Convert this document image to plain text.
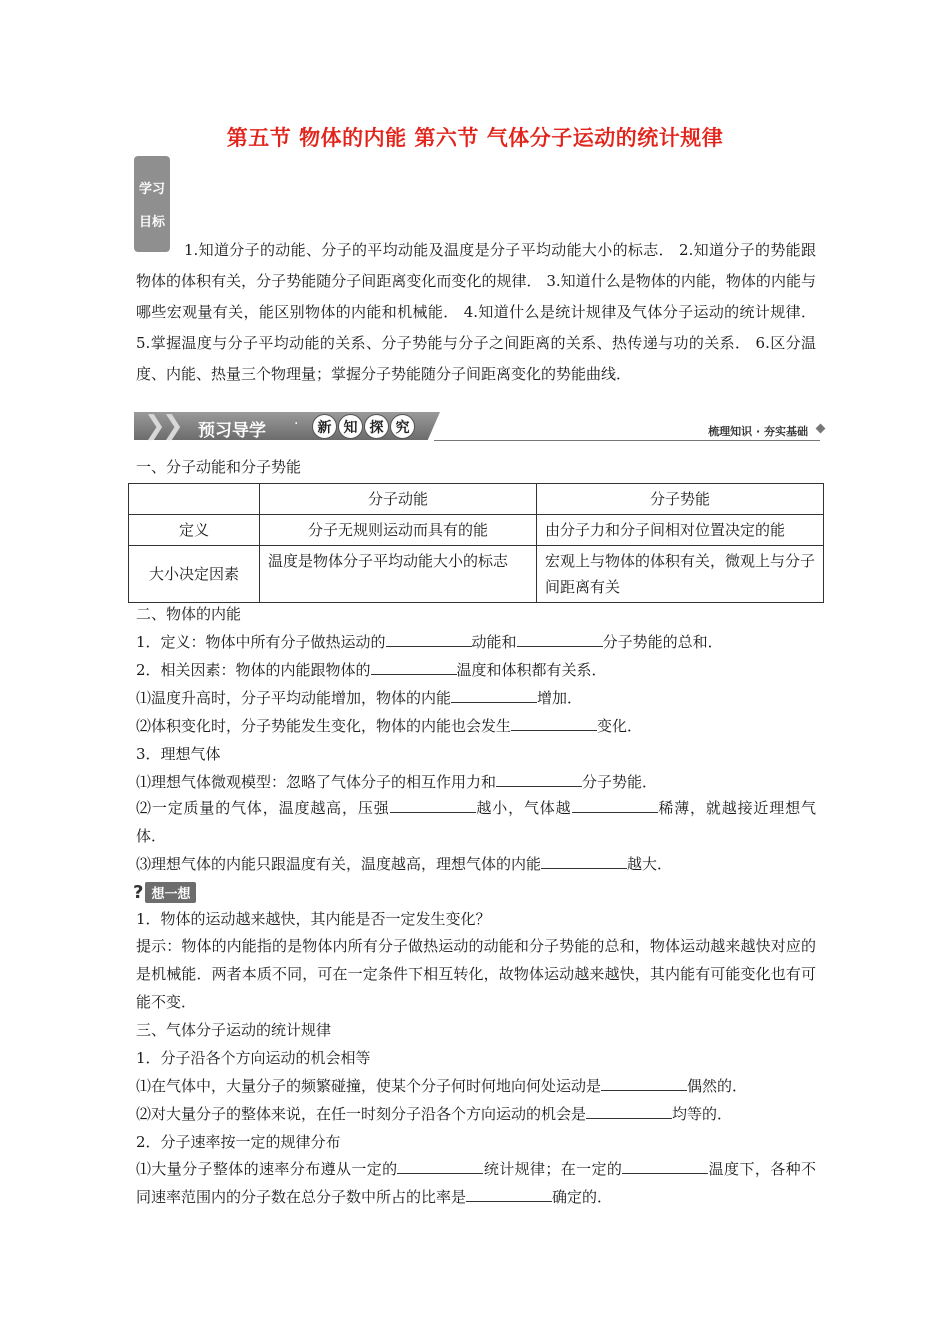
第五节 物体的内能 第六节 气体分子运动的统计规律
学习
目标
1.知道分子的动能、分子的平均动能及温度是分子平均动能大小的标志． 2.知道分子的势能跟物体的体积有关，分子势能随分子间距离变化而变化的规律． 3.知道什么是物体的内能，物体的内能与哪些宏观量有关，能区别物体的内能和机械能． 4.知道什么是统计规律及气体分子运动的统计规律． 5.掌握温度与分子平均动能的关系、分子势能与分子之间距离的关系、热传递与功的关系． 6.区分温度、内能、热量三个物理量；掌握分子势能随分子间距离变化的势能曲线．
❯
❯ 预习导学 ·	新 知 探 究	梳理知识 · 夯实基础
一、分子动能和分子势能
	分子动能	分子势能
定义	分子无规则运动而具有的能	由分子力和分子间相对位置决定的能
大小决定因素	温度是物体分子平均动能大小的标志	宏观上与物体的体积有关，微观上与分子间距离有关
二、物体的内能
1．定义：物体中所有分子做热运动的	动能和	分子势能的总和．
2．相关因素：物体的内能跟物体的	温度和体积都有关系．
⑴温度升高时，分子平均动能增加，物体的内能	增加．
⑵体积变化时，分子势能发生变化，物体的内能也会发生	变化．
3．理想气体
⑴理想气体微观模型：忽略了气体分子的相互作用力和	分子势能．
⑵一定质量的气体，温度越高，压强	越小，气体越	稀薄，就越接近理想气体．
⑶理想气体的内能只跟温度有关，温度越高，理想气体的内能	越大．
? 想一想
1．物体的运动越来越快，其内能是否一定发生变化？
提示：物体的内能指的是物体内所有分子做热运动的动能和分子势能的总和，物体运动越来越快对应的是机械能．两者本质不同，可在一定条件下相互转化，故物体运动越来越快，其内能有可能变化也有可能不变．
三、气体分子运动的统计规律
1．分子沿各个方向运动的机会相等
⑴在气体中，大量分子的频繁碰撞，使某个分子何时何地向何处运动是	偶然的．
⑵对大量分子的整体来说，在任一时刻分子沿各个方向运动的机会是	均等的．
2．分子速率按一定的规律分布
⑴大量分子整体的速率分布遵从一定的	统计规律；在一定的	温度下，各种不同速率范围内的分子数在总分子数中所占的比率是	确定的．
